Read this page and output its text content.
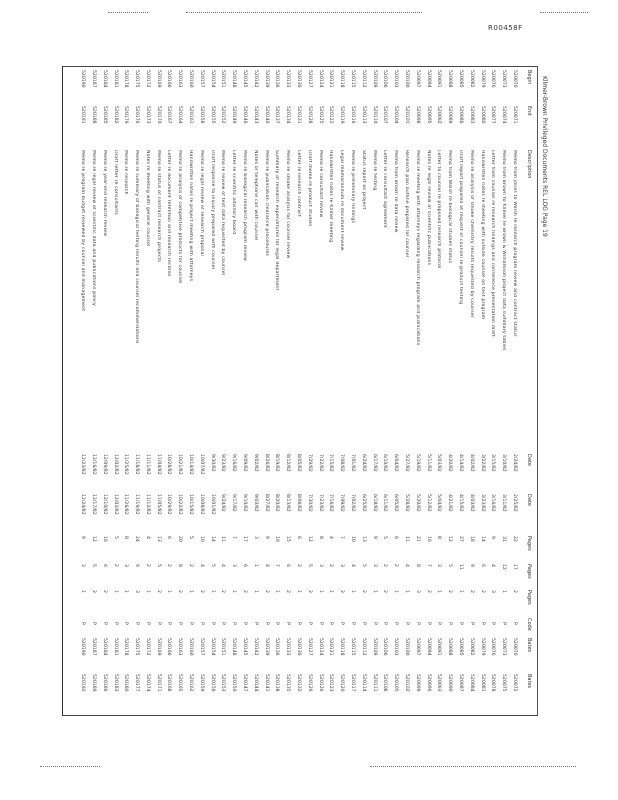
R00458F
Kllmer-Brown Privileged Documents REL LOG Page 19
Begin
End
Description
Date
Date
Pages
Pages
Pages
Code
Bates
Bates
520070
520071
Memo from Jones to Walsh re research program review and contract status
2/24/82
2/25/82
22
17
2
P
520070
520072
520073
520074
Memo from Brown to Kllmer re Brown & Williamson project data summary tables
3/10/82
3/11/82
31
12
1
P
520073
520075
520076
520077
Letter from counsel re research findings and conference presentation draft
3/15/82
3/16/82
9
4
3
P
520076
520078
520079
520080
Handwritten notes re meeting with outside counsel on test program
3/22/82
3/23/82
14
6
2
P
520079
520081
520082
520083
Memo re analysis of smoke chemistry results requested by counsel
4/02/82
4/03/82
18
9
2
P
520082
520084
520085
520086
Draft report prepared at request of counsel re product testing
4/14/82
4/15/82
27
11
1
P
520085
520087
520088
520089
Memo from Walsh re biological studies status
4/20/82
4/21/82
12
5
2
P
520088
520090
520091
520092
Letter to counsel re proposed research protocol
5/03/82
5/04/82
8
3
1
P
520091
520093
520094
520095
Notes re legal review of scientific publications
5/11/82
5/12/82
16
7
2
P
520094
520096
520097
520098
Memo re meeting with attorneys regarding research program and publications
5/19/82
5/20/82
21
8
3
P
520097
520099
520100
520101
Research plan outline prepared for counsel
5/27/82
5/28/82
11
4
1
P
520100
520102
520103
520104
Memo from Brown re data review
6/04/82
6/05/82
6
2
1
P
520103
520105
520106
520107
Letter re consultant agreement
6/10/82
6/11/82
5
2
2
P
520106
520108
520109
520110
Memo re testing
6/17/82
6/18/82
9
3
1
P
520109
520111
520112
520113
Status report on project
6/24/82
6/25/82
13
5
2
P
520112
520114
520115
520116
Memo re preliminary findings
7/01/82
7/02/82
10
4
1
P
520115
520117
520118
520119
Legal memorandum re document review
7/08/82
7/09/82
7
3
2
P
520118
520120
520121
520122
Handwritten notes re Kllmer meeting
7/15/82
7/16/82
4
2
1
P
520121
520123
520124
520125
Memo re consultant review
7/22/82
7/23/82
8
3
1
P
520124
520126
520127
520128
Draft memo re product studies
7/29/82
7/30/82
12
5
2
P
520127
520129
520130
520131
Letter re research contract
8/05/82
8/06/82
6
2
1
P
520130
520132
520133
520134
Memo re smoke analysis for counsel review
8/12/82
8/13/82
15
6
2
P
520133
520135
520136
520137
Summary of research expenditures for legal department
8/19/82
8/20/82
19
7
1
P
520136
520138
520139
520140
Memo re publication clearance procedures
8/26/82
8/27/82
9
4
2
P
520139
520141
520142
520143
Notes of telephone call with counsel
9/02/82
9/03/82
3
1
1
P
520142
520144
520145
520146
Memo re biological research program review
9/09/82
9/10/82
17
6
2
P
520145
520147
520148
520149
Letter re scientific advisory board
9/16/82
9/17/82
7
3
1
P
520148
520150
520151
520152
Memo re review of test data requested by counsel
9/23/82
9/24/82
11
4
2
P
520151
520153
520154
520155
Draft response to inquiry prepared with counsel
9/30/82
10/01/82
14
5
1
P
520154
520156
520157
520158
Memo re legal review of research proposal
10/07/82
10/08/82
10
4
2
P
520157
520159
520160
520161
Handwritten notes re project meeting with attorneys
10/14/82
10/15/82
5
2
1
P
520160
520162
520163
520164
Memo re analysis of competitive products for counsel
10/21/82
10/22/82
20
8
2
P
520163
520165
520166
520167
Letter re document retention and research records
10/28/82
10/29/82
6
2
1
P
520166
520168
520169
520170
Memo re status of contract research projects
11/04/82
11/05/82
13
5
2
P
520169
520171
520172
520173
Notes re meeting with general counsel
11/11/82
11/12/82
4
2
1
P
520172
520174
520175
520176
Memo re summary of biological testing results and counsel recommendations
11/18/82
11/19/82
24
9
3
P
520175
520177
520178
520179
Memo re research
11/25/82
11/26/82
8
3
1
P
520178
520180
520181
520182
Draft letter re consultants
12/02/82
12/03/82
5
2
1
P
520181
520183
520184
520185
Memo re year-end research review
12/09/82
12/10/82
16
6
2
P
520184
520186
520187
520188
Memo re legal review of scientific data and publications policy
12/16/82
12/17/82
12
5
2
P
520187
520189
520190
520191
Memo re program budget reviewed by counsel and management
12/23/82
12/24/82
9
3
1
P
520190
520192
